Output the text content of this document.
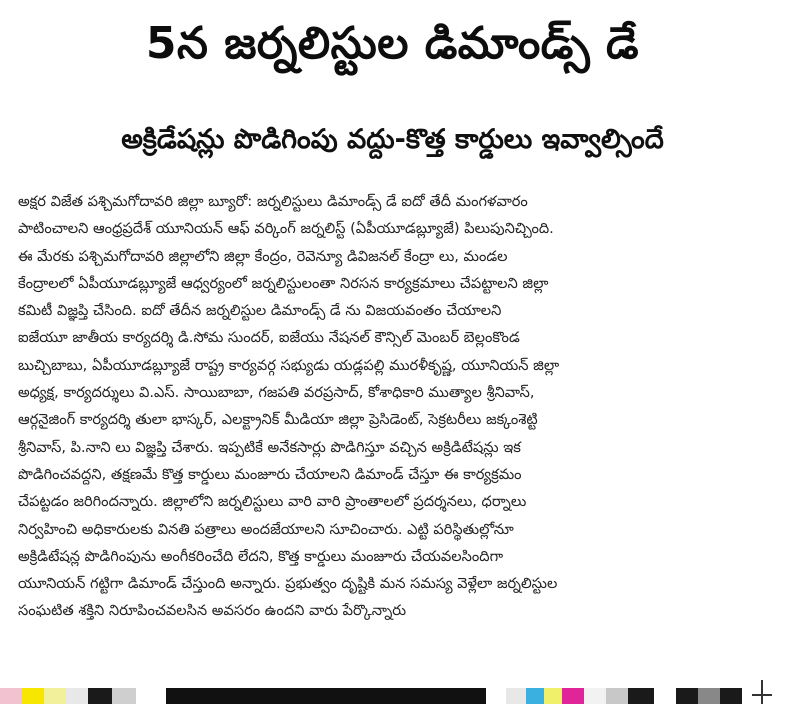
5న జర్నలిస్టుల డిమాండ్స్ డే
అక్రిడేషన్లు పొడిగింపు వద్దు-కొత్త కార్డులు ఇవ్వాల్సిందే
అక్షర విజేత పశ్చిమగోదావరి జిల్లా బ్యూరో: జర్నలిస్టులు డిమాండ్స్ డే ఐదో తేదీ మంగళవారం
పాటించాలని ఆంధ్రప్రదేశ్ యూనియన్ ఆఫ్ వర్కింగ్ జర్నలిస్ట్ (ఏపీయూడబ్ల్యూజే) పిలుపునిచ్చింది.
ఈ మేరకు పశ్చిమగోదావరి జిల్లాలోని జిల్లా కేంద్రం, రెవెన్యూ డివిజనల్ కేంద్రా లు, మండల
కేంద్రాలలో ఏపీయూడబ్ల్యూజే ఆధ్వర్యంలో జర్నలిస్టులంతా నిరసన కార్యక్రమాలు చేపట్టాలని జిల్లా
కమిటీ విజ్ఞప్తి చేసింది. ఐదో తేదీన జర్నలిస్టుల డిమాండ్స్ డే ను విజయవంతం చేయాలని
ఐజేయూ జాతీయ కార్యదర్శి డి.సోమ సుందర్, ఐజేయు నేషనల్ కౌన్సిల్ మెంబర్ బెల్లంకొండ
బుచ్చిబాబు, ఏపీయూడబ్ల్యూజే రాష్ట్ర కార్యవర్గ సభ్యుడు యడ్లపల్లి మురళీకృష్ణ, యూనియన్ జిల్లా
అధ్యక్ష, కార్యదర్శులు వి.ఎస్. సాయిబాబా, గజపతి వరప్రసాద్, కోశాధికారి ముత్యాల శ్రీనివాస్,
ఆర్గనైజింగ్ కార్యదర్శి తులా భాస్కర్, ఎలక్ట్రానిక్ మీడియా జిల్లా ప్రెసిడెంట్, సెక్రటరీలు జక్కంశెట్టి
శ్రీనివాస్, పి.నాని లు విజ్ఞప్తి చేశారు. ఇప్పటికే అనేకసార్లు పొడిగిస్తూ వచ్చిన అక్రిడిటేషన్లు ఇక
పొడిగించవద్దని, తక్షణమే కొత్త కార్డులు మంజూరు చేయాలని డిమాండ్ చేస్తూ ఈ కార్యక్రమం
చేపట్టడం జరిగిందన్నారు. జిల్లాలోని జర్నలిస్టులు వారి వారి ప్రాంతాలలో ప్రదర్శనలు, ధర్నాలు
నిర్వహించి అధికారులకు వినతి పత్రాలు అందజేయాలని సూచించారు. ఎట్టి పరిస్థితుల్లోనూ
అక్రిడిటేషన్ల పొడిగింపును అంగీకరించేది లేదని, కొత్త కార్డులు మంజూరు చేయవలసిందిగా
యూనియన్ గట్టిగా డిమాండ్ చేస్తుంది అన్నారు. ప్రభుత్వం దృష్టికి మన సమస్య వెళ్లేలా జర్నలిస్టుల
సంఘటిత శక్తిని నిరూపించవలసిన అవసరం ఉందని వారు పేర్కొన్నారు
